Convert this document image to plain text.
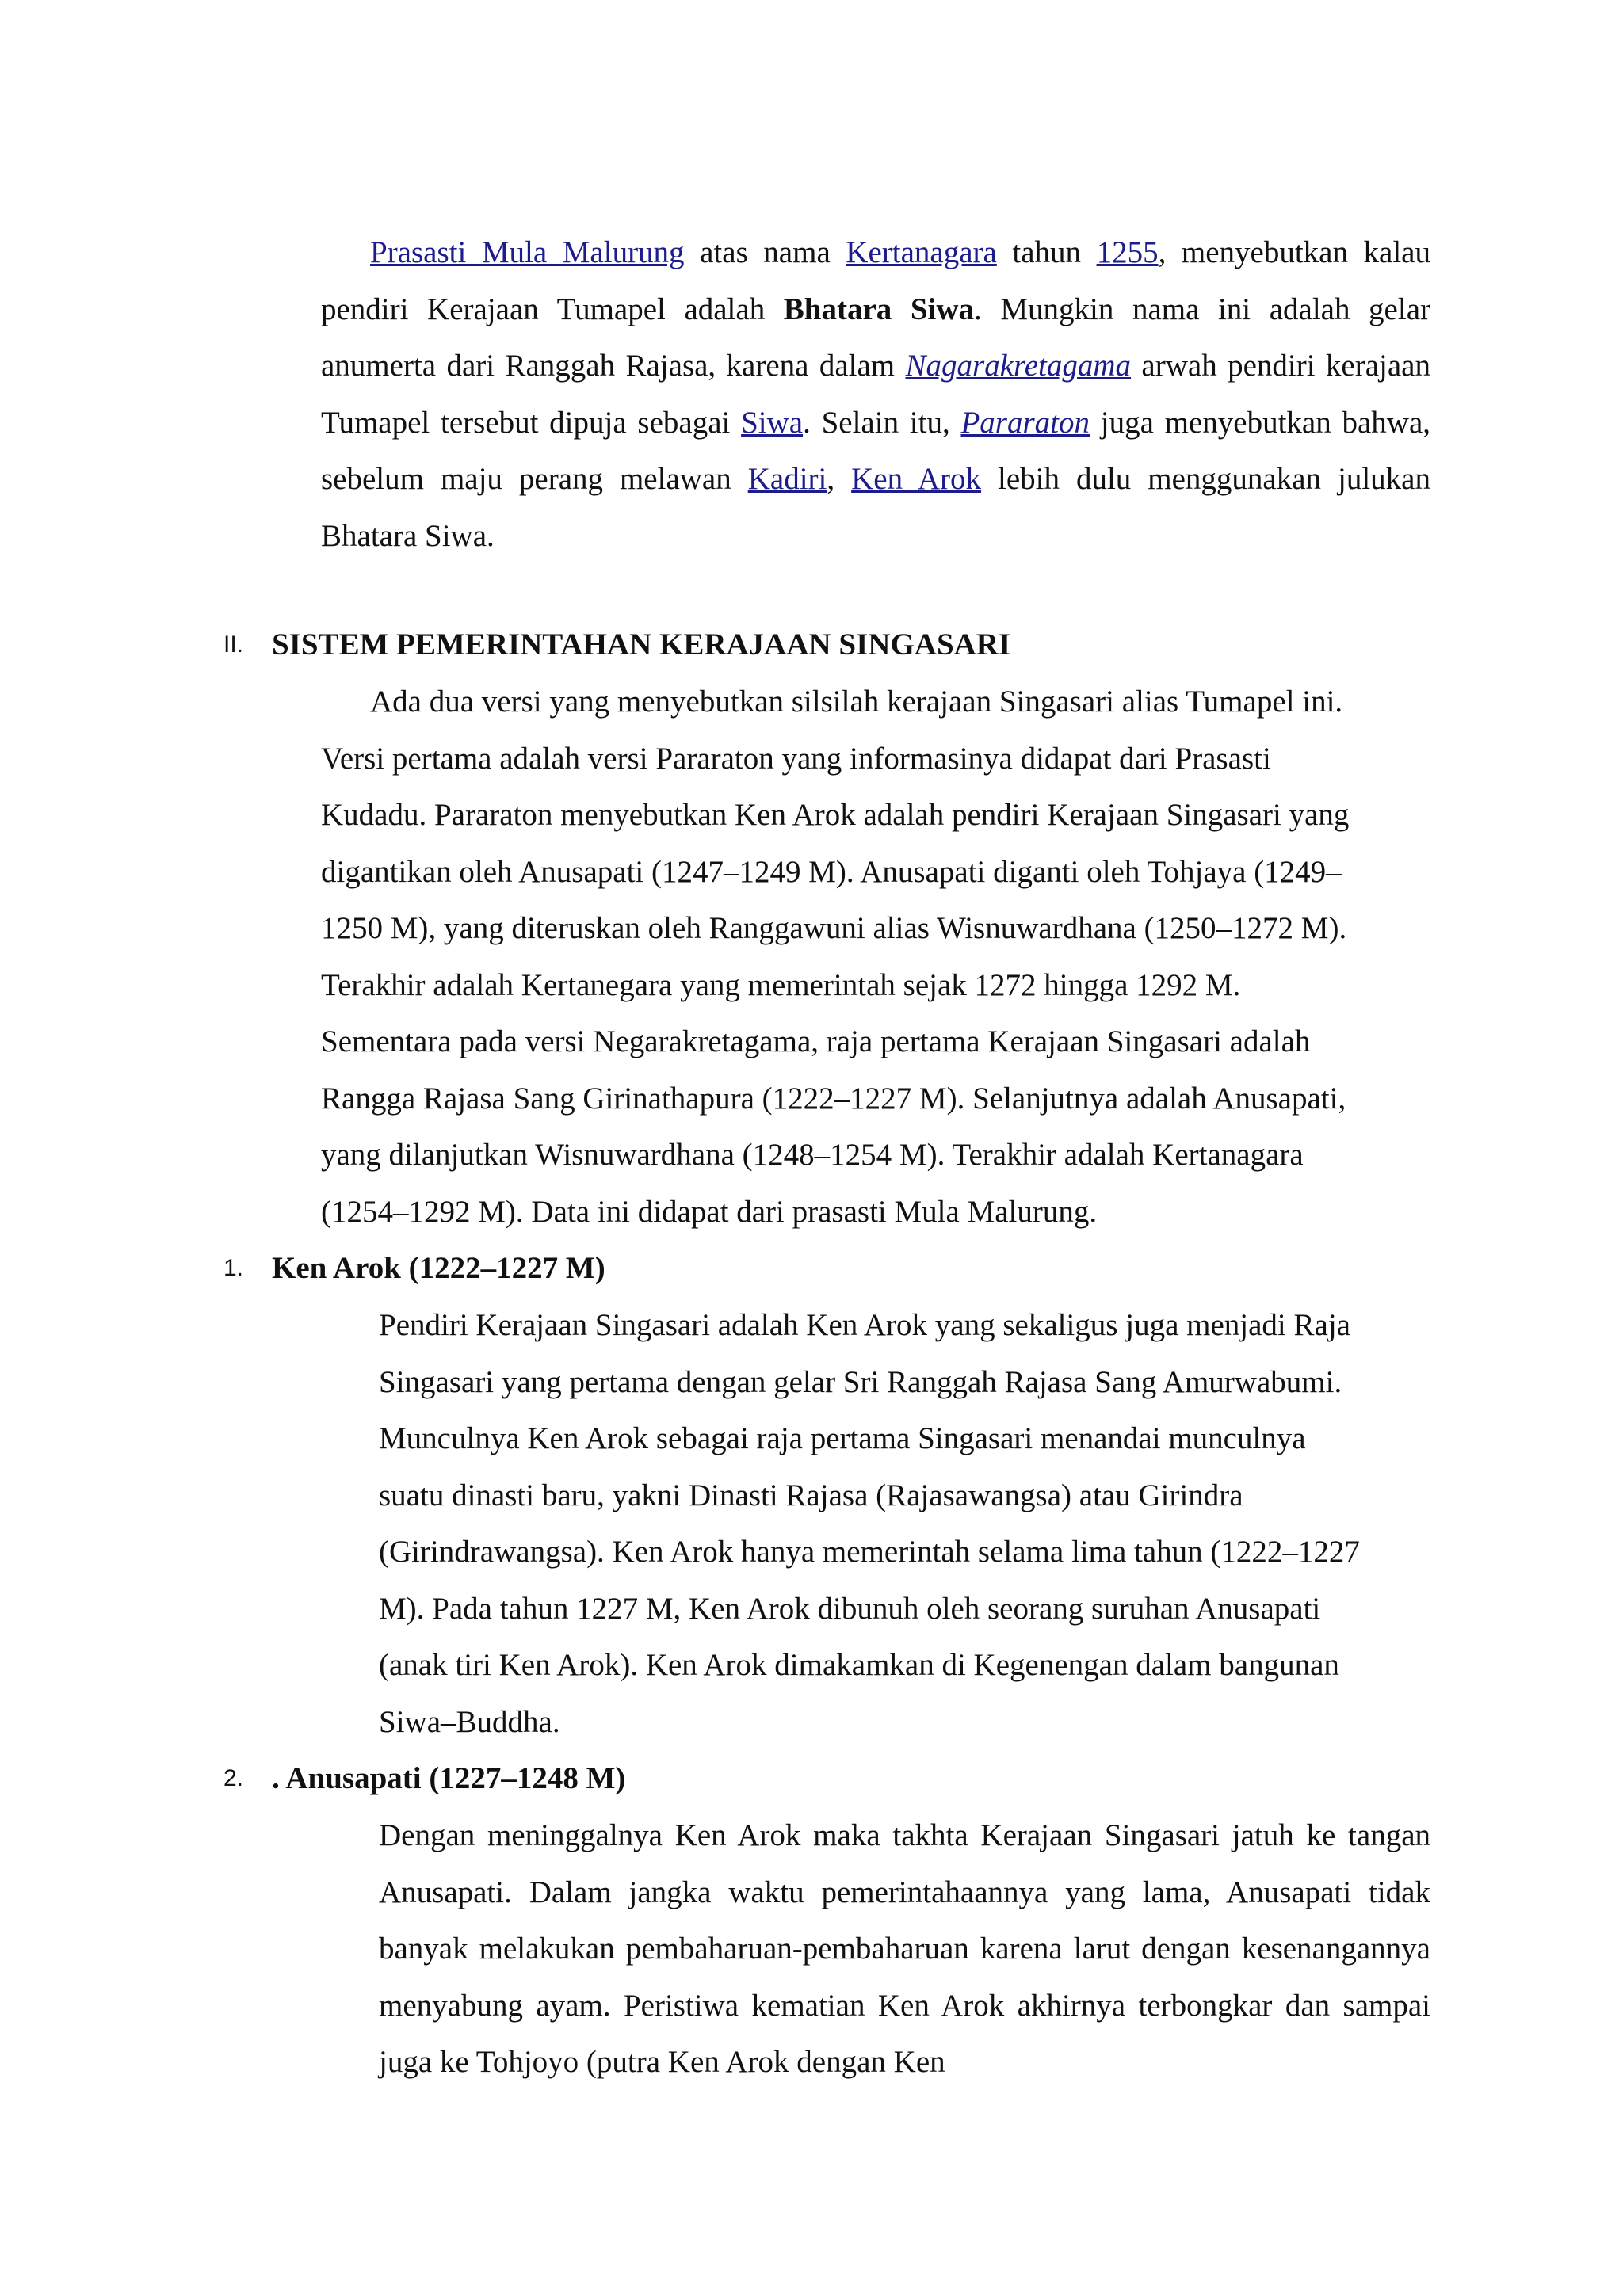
Prasasti Mula Malurung atas nama Kertanagara tahun 1255, menyebutkan kalau pendiri Kerajaan Tumapel adalah Bhatara Siwa. Mungkin nama ini adalah gelar anumerta dari Ranggah Rajasa, karena dalam Nagarakretagama arwah pendiri kerajaan Tumapel tersebut dipuja sebagai Siwa. Selain itu, Pararaton juga menyebutkan bahwa, sebelum maju perang melawan Kadiri, Ken Arok lebih dulu menggunakan julukan Bhatara Siwa.

II. SISTEM PEMERINTAHAN KERAJAAN SINGASARI
Ada dua versi yang menyebutkan silsilah kerajaan Singasari alias Tumapel ini.
Versi pertama adalah versi Pararaton yang informasinya didapat dari Prasasti
Kudadu. Pararaton menyebutkan Ken Arok adalah pendiri Kerajaan Singasari yang
digantikan oleh Anusapati (1247–1249 M). Anusapati diganti oleh Tohjaya (1249–
1250 M), yang diteruskan oleh Ranggawuni alias Wisnuwardhana (1250–1272 M).
Terakhir adalah Kertanegara yang memerintah sejak 1272 hingga 1292 M.
Sementara pada versi Negarakretagama, raja pertama Kerajaan Singasari adalah
Rangga Rajasa Sang Girinathapura (1222–1227 M). Selanjutnya adalah Anusapati,
yang dilanjutkan Wisnuwardhana (1248–1254 M). Terakhir adalah Kertanagara
(1254–1292 M). Data ini didapat dari prasasti Mula Malurung.
1. Ken Arok (1222–1227 M)
Pendiri Kerajaan Singasari adalah Ken Arok yang sekaligus juga menjadi Raja
Singasari yang pertama dengan gelar Sri Ranggah Rajasa Sang Amurwabumi.
Munculnya Ken Arok sebagai raja pertama Singasari menandai munculnya
suatu dinasti baru, yakni Dinasti Rajasa (Rajasawangsa) atau Girindra
(Girindrawangsa). Ken Arok hanya memerintah selama lima tahun (1222–1227
M). Pada tahun 1227 M, Ken Arok dibunuh oleh seorang suruhan Anusapati
(anak tiri Ken Arok). Ken Arok dimakamkan di Kegenengan dalam bangunan
Siwa–Buddha.
2. . Anusapati (1227–1248 M)

Dengan meninggalnya Ken Arok maka takhta Kerajaan Singasari jatuh ke tangan Anusapati. Dalam jangka waktu pemerintahaannya yang lama, Anusapati tidak banyak melakukan pembaharuan-pembaharuan karena larut dengan kesenangannya menyabung ayam. Peristiwa kematian Ken Arok akhirnya terbongkar dan sampai juga ke Tohjoyo (putra Ken Arok dengan Ken
